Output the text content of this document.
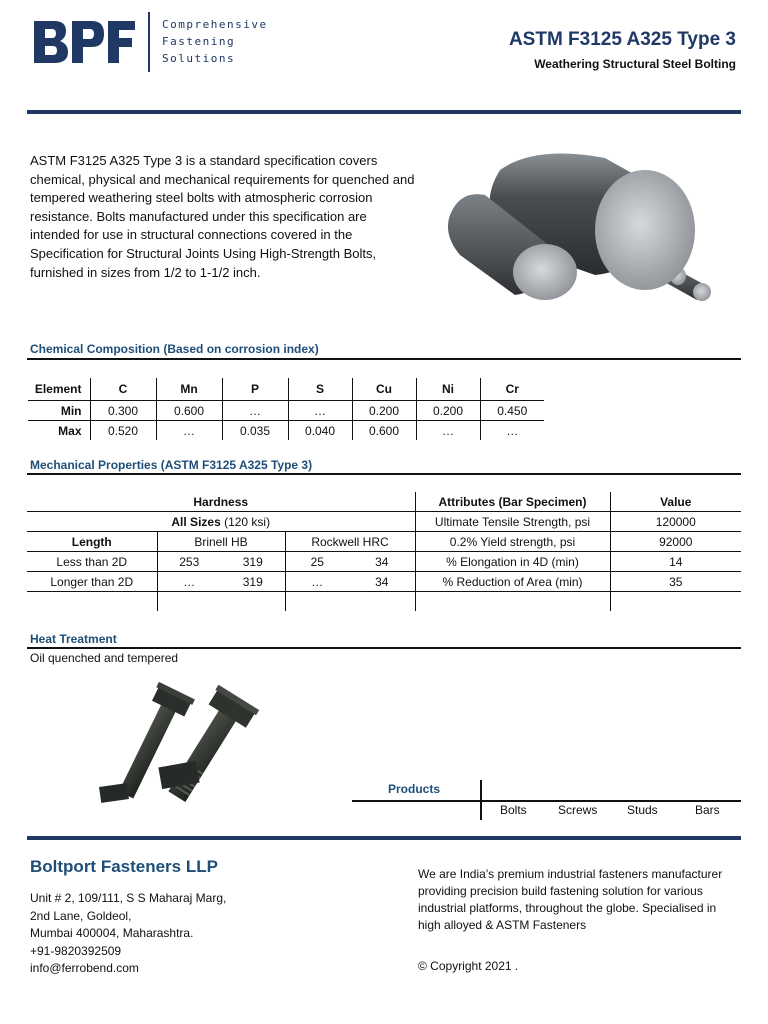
Comprehensive
Fastening
Solutions
ASTM F3125 A325 Type 3
Weathering Structural Steel Bolting
ASTM F3125 A325 Type 3 is a standard specification covers chemical, physical and mechanical requirements for quenched and tempered weathering steel bolts with atmospheric corrosion resistance. Bolts manufactured under this specification are intended for use in structural connections covered in the Specification for Structural Joints Using High-Strength Bolts, furnished in sizes from 1/2 to 1-1/2 inch.
Chemical Composition (Based on corrosion index)
Element	C	Mn	P	S	Cu	Ni	Cr
Min	0.300	0.600	…	…	0.200	0.200	0.450
Max	0.520	…	0.035	0.040	0.600	…	…
Mechanical Properties (ASTM F3125 A325 Type 3)
Hardness					Attributes (Bar Specimen)	Value
All Sizes (120 ksi)					Ultimate Tensile Strength, psi	120000
Length	Brinell HB		Rockwell HRC		0.2% Yield strength, psi	92000
Less than 2D	253	319	25	34	% Elongation in 4D (min)	14
Longer than 2D	…	319	…	34	% Reduction of Area (min)	35

Heat Treatment
Oil quenched and tempered
Products
Bolts	Screws Studs	Bars
Boltport Fasteners LLP
Unit # 2, 109/111, S S Maharaj Marg,
2nd Lane, Goldeol,
Mumbai 400004, Maharashtra.
+91-9820392509
info@ferrobend.com
We are India's premium industrial fasteners manufacturer providing precision build fastening solution for various industrial platforms, throughout the globe. Specialised in high alloyed & ASTM Fasteners
© Copyright 2021 .
